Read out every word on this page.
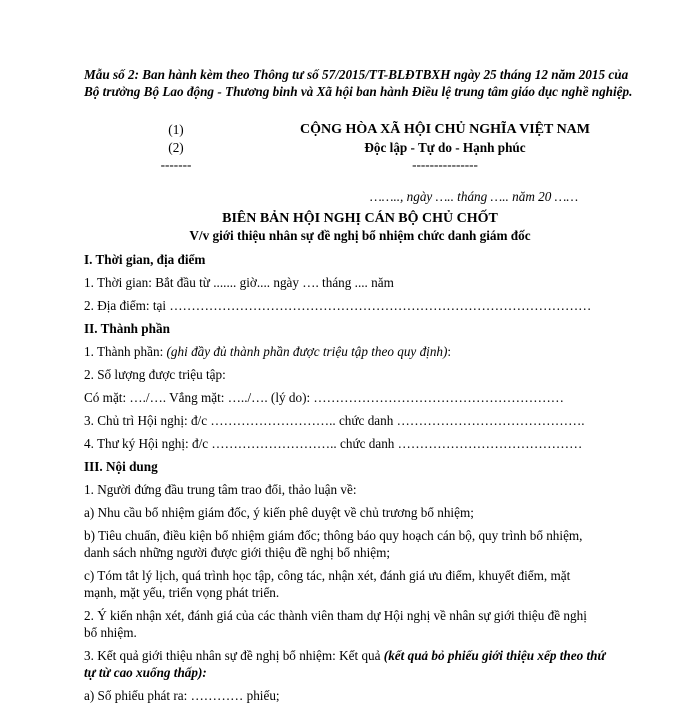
Mẫu số 2: Ban hành kèm theo Thông tư số 57/2015/TT-BLĐTBXH ngày 25 tháng 12 năm 2015 của Bộ trưởng Bộ Lao động - Thương binh và Xã hội ban hành Điều lệ trung tâm giáo dục nghề nghiệp.
(1)
(2)
-------
CỘNG HÒA XÃ HỘI CHỦ NGHĨA VIỆT NAM
Độc lập - Tự do - Hạnh phúc
---------------
…….., ngày ….. tháng ….. năm 20 ……
BIÊN BẢN HỘI NGHỊ CÁN BỘ CHỦ CHỐT
V/v giới thiệu nhân sự đề nghị bổ nhiệm chức danh giám đốc
I. Thời gian, địa điểm
1. Thời gian: Bắt đầu từ ....... giờ.... ngày …. tháng .... năm
2. Địa điểm: tại ……………………………………………………………………………………
II. Thành phần
1. Thành phần: (ghi đầy đủ thành phần được triệu tập theo quy định):
2. Số lượng được triệu tập:
Có mặt: …./…. Vắng mặt: …../…. (lý do): …………………………………………………
3. Chủ trì Hội nghị: đ/c ……………………….. chức danh …………………………………….
4. Thư ký Hội nghị: đ/c ……………………….. chức danh ……………………………………
III. Nội dung
1. Người đứng đầu trung tâm trao đổi, thảo luận về:
a) Nhu cầu bổ nhiệm giám đốc, ý kiến phê duyệt về chủ trương bổ nhiệm;
b) Tiêu chuẩn, điều kiện bổ nhiệm giám đốc; thông báo quy hoạch cán bộ, quy trình bổ nhiệm,
danh sách những người được giới thiệu đề nghị bổ nhiệm;
c) Tóm tắt lý lịch, quá trình học tập, công tác, nhận xét, đánh giá ưu điểm, khuyết điểm, mặt
mạnh, mặt yếu, triển vọng phát triển.
2. Ý kiến nhận xét, đánh giá của các thành viên tham dự Hội nghị về nhân sự giới thiệu đề nghị
bổ nhiệm.
3. Kết quả giới thiệu nhân sự đề nghị bổ nhiệm: Kết quả (kết quả bỏ phiếu giới thiệu xếp theo thứ
tự từ cao xuống thấp):
a) Số phiếu phát ra: ………… phiếu;
